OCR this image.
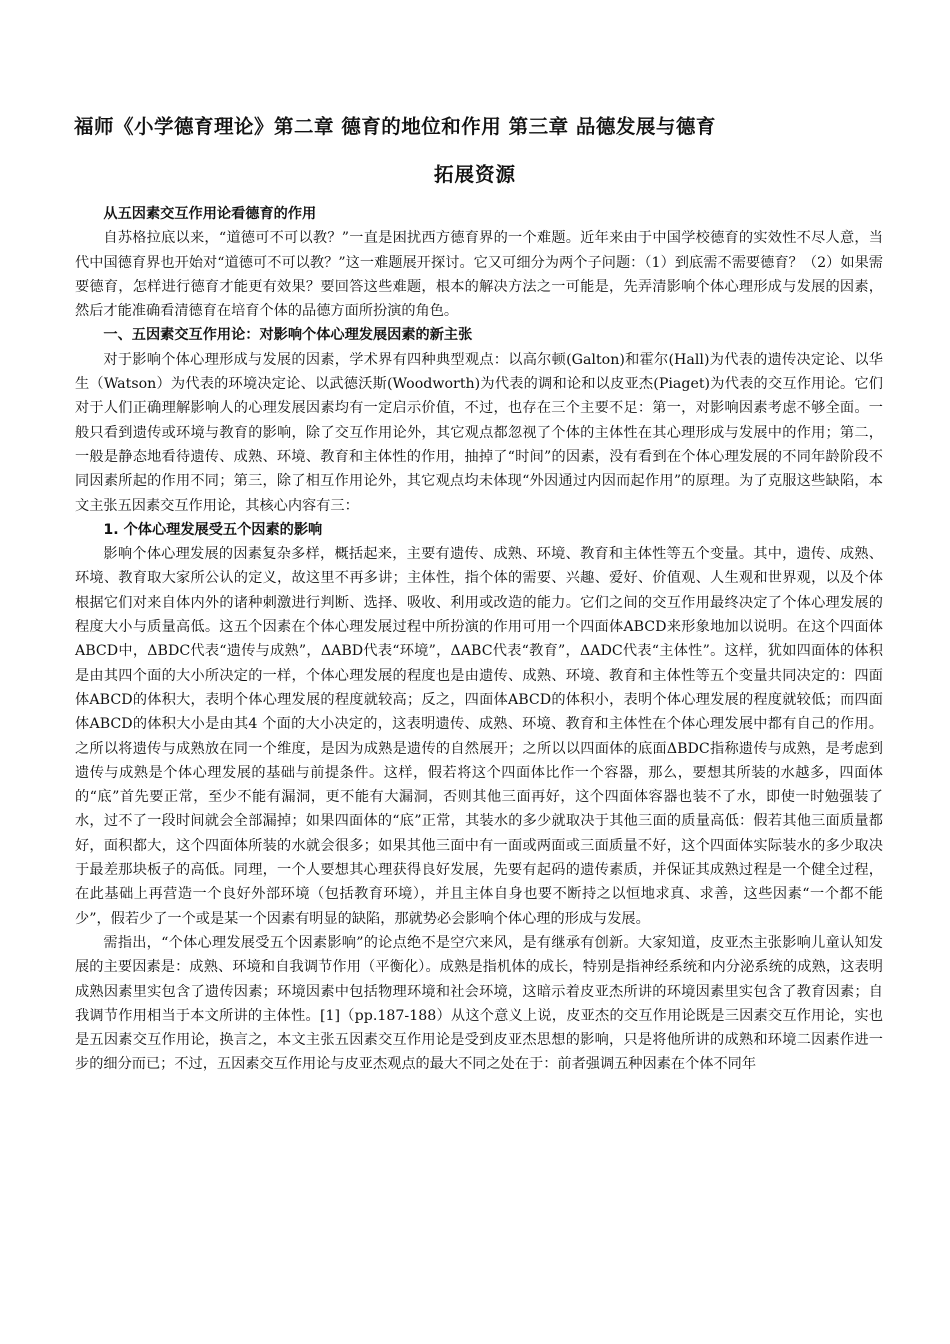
福师《小学德育理论》第二章 德育的地位和作用 第三章 品德发展与德育
拓展资源
从五因素交互作用论看德育的作用

自苏格拉底以来，“道德可不可以教？”一直是困扰西方德育界的一个难题。近年来由于中国学校德育的实效性不尽人意，当代中国德育界也开始对“道德可不可以教？”这一难题展开探讨。它又可细分为两个子问题：（1）到底需不需要德育？（2）如果需要德育，怎样进行德育才能更有效果？要回答这些难题，根本的解决方法之一可能是，先弄清影响个体心理形成与发展的因素，然后才能准确看清德育在培育个体的品德方面所扮演的角色。

一、五因素交互作用论：对影响个体心理发展因素的新主张

对于影响个体心理形成与发展的因素，学术界有四种典型观点：以高尔顿(Galton)和霍尔(Hall)为代表的遗传决定论、以华生（Watson）为代表的环境决定论、以武德沃斯(Woodworth)为代表的调和论和以皮亚杰(Piaget)为代表的交互作用论。它们对于人们正确理解影响人的心理发展因素均有一定启示价值，不过，也存在三个主要不足：第一，对影响因素考虑不够全面。一般只看到遗传或环境与教育的影响，除了交互作用论外，其它观点都忽视了个体的主体性在其心理形成与发展中的作用；第二，一般是静态地看待遗传、成熟、环境、教育和主体性的作用，抽掉了“时间”的因素，没有看到在个体心理发展的不同年龄阶段不同因素所起的作用不同；第三，除了相互作用论外，其它观点均未体现“外因通过内因而起作用”的原理。为了克服这些缺陷，本文主张五因素交互作用论，其核心内容有三：

1. 个体心理发展受五个因素的影响

影响个体心理发展的因素复杂多样，概括起来，主要有遗传、成熟、环境、教育和主体性等五个变量。其中，遗传、成熟、环境、教育取大家所公认的定义，故这里不再多讲；主体性，指个体的需要、兴趣、爱好、价值观、人生观和世界观，以及个体根据它们对来自体内外的诸种刺激进行判断、选择、吸收、利用或改造的能力。它们之间的交互作用最终决定了个体心理发展的程度大小与质量高低。这五个因素在个体心理发展过程中所扮演的作用可用一个四面体ABCD来形象地加以说明。在这个四面体ABCD中，ΔBDC代表“遗传与成熟”，ΔABD代表“环境”，ΔABC代表“教育”，ΔADC代表“主体性”。这样，犹如四面体的体积是由其四个面的大小所决定的一样，个体心理发展的程度也是由遗传、成熟、环境、教育和主体性等五个变量共同决定的：四面体ABCD的体积大，表明个体心理发展的程度就较高；反之，四面体ABCD的体积小，表明个体心理发展的程度就较低；而四面体ABCD的体积大小是由其4 个面的大小决定的，这表明遗传、成熟、环境、教育和主体性在个体心理发展中都有自己的作用。之所以将遗传与成熟放在同一个维度，是因为成熟是遗传的自然展开；之所以以四面体的底面ΔBDC指称遗传与成熟，是考虑到遗传与成熟是个体心理发展的基础与前提条件。这样，假若将这个四面体比作一个容器，那么，要想其所装的水越多，四面体的“底”首先要正常，至少不能有漏洞，更不能有大漏洞，否则其他三面再好，这个四面体容器也装不了水，即使一时勉强装了水，过不了一段时间就会全部漏掉；如果四面体的“底”正常，其装水的多少就取决于其他三面的质量高低：假若其他三面质量都好，面积都大，这个四面体所装的水就会很多；如果其他三面中有一面或两面或三面质量不好，这个四面体实际装水的多少取决于最差那块板子的高低。同理，一个人要想其心理获得良好发展，先要有起码的遗传素质，并保证其成熟过程是一个健全过程，在此基础上再营造一个良好外部环境（包括教育环境），并且主体自身也要不断持之以恒地求真、求善，这些因素“一个都不能少”，假若少了一个或是某一个因素有明显的缺陷，那就势必会影响个体心理的形成与发展。

需指出，“个体心理发展受五个因素影响”的论点绝不是空穴来风，是有继承有创新。大家知道，皮亚杰主张影响儿童认知发展的主要因素是：成熟、环境和自我调节作用（平衡化）。成熟是指机体的成长，特别是指神经系统和内分泌系统的成熟，这表明成熟因素里实包含了遗传因素；环境因素中包括物理环境和社会环境，这暗示着皮亚杰所讲的环境因素里实包含了教育因素；自我调节作用相当于本文所讲的主体性。[1]（pp.187-188）从这个意义上说，皮亚杰的交互作用论既是三因素交互作用论，实也是五因素交互作用论，换言之，本文主张五因素交互作用论是受到皮亚杰思想的影响，只是将他所讲的成熟和环境二因素作进一步的细分而已；不过，五因素交互作用论与皮亚杰观点的最大不同之处在于：前者强调五种因素在个体不同年
